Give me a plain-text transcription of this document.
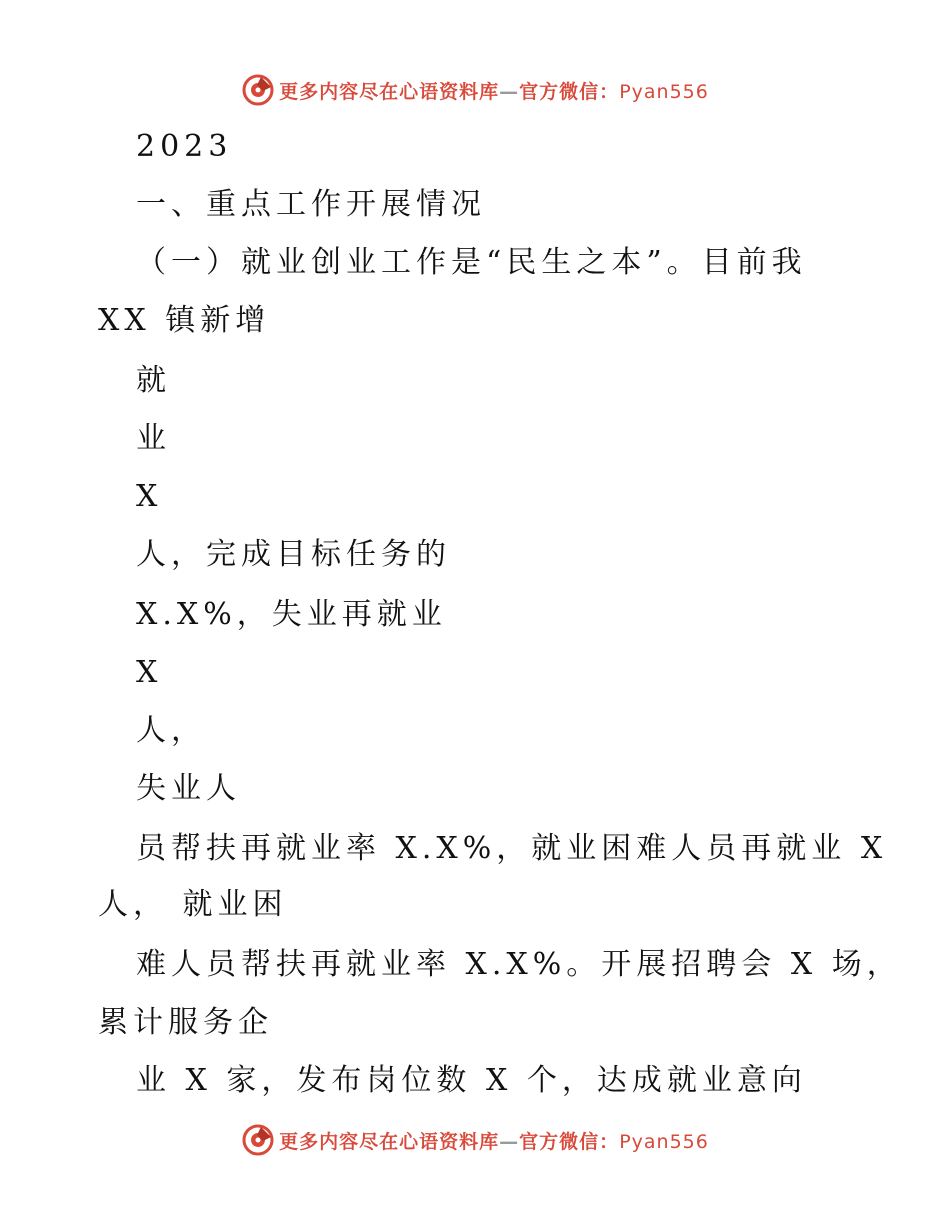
更多内容尽在心语资料库—官方微信：Pyan556
2023
一、重点工作开展情况
（一）就业创业工作是“民生之本”。目前我
XX 镇新增
就
业
X
人，完成目标任务的
X.X%，失业再就业
X
人，
失业人
员帮扶再就业率 X.X%，就业困难人员再就业 X
人， 就业困
难人员帮扶再就业率 X.X%。开展招聘会 X 场，
累计服务企
业 X 家，发布岗位数 X 个，达成就业意向
更多内容尽在心语资料库—官方微信：Pyan556
